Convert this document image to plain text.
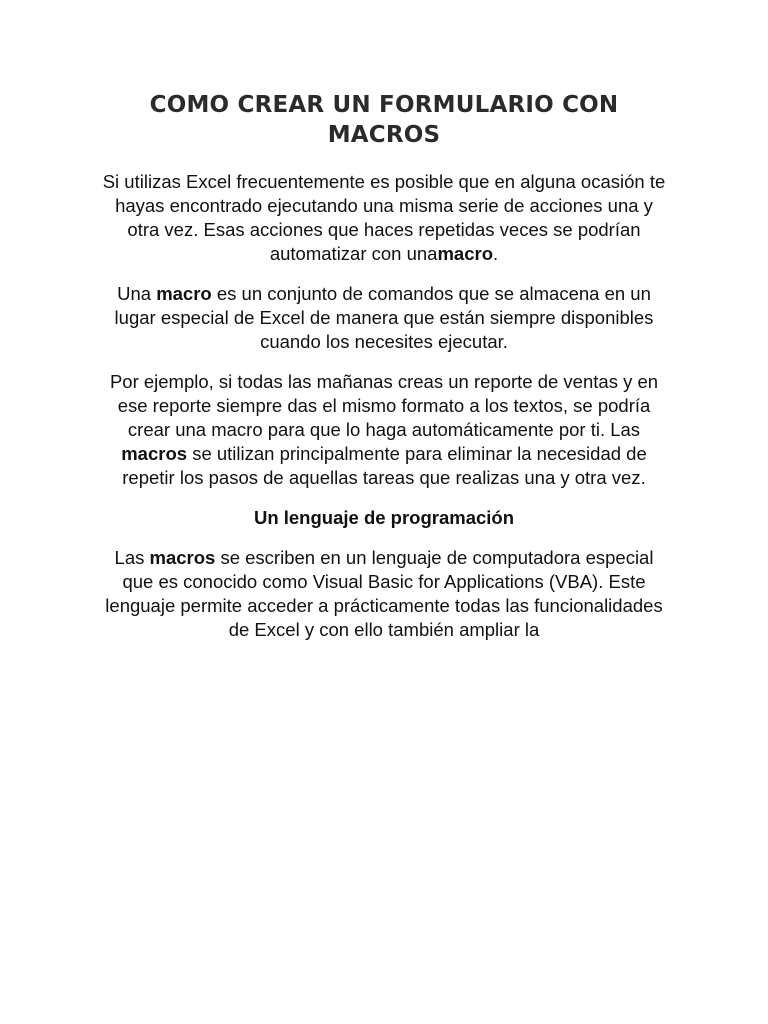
COMO CREAR UN FORMULARIO CON MACROS

Si utilizas Excel frecuentemente es posible que en alguna ocasión te hayas encontrado ejecutando una misma serie de acciones una y otra vez. Esas acciones que haces repetidas veces se podrían automatizar con unamacro.

Una macro es un conjunto de comandos que se almacena en un lugar especial de Excel de manera que están siempre disponibles cuando los necesites ejecutar.

Por ejemplo, si todas las mañanas creas un reporte de ventas y en ese reporte siempre das el mismo formato a los textos, se podría crear una macro para que lo haga automáticamente por ti. Las macros se utilizan principalmente para eliminar la necesidad de repetir los pasos de aquellas tareas que realizas una y otra vez.

Un lenguaje de programación

Las macros se escriben en un lenguaje de computadora especial que es conocido como Visual Basic for Applications (VBA). Este lenguaje permite acceder a prácticamente todas las funcionalidades de Excel y con ello también ampliar la
